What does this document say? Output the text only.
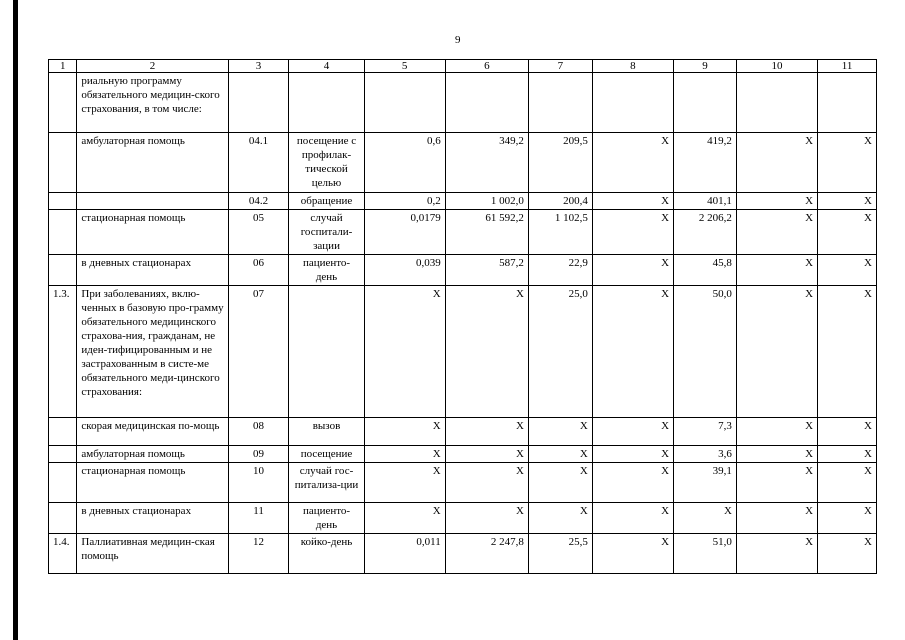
9
1	2	3	4	5	6	7	8	9	10	11
	риальную программу обязательного медицин-ского страхования, в том числе:									
	амбулаторная помощь	04.1	посещение с профилак-тической целью	0,6	349,2	209,5	X	419,2	X	X
		04.2	обращение	0,2	1 002,0	200,4	X	401,1	X	X
	стационарная помощь	05	случай госпитали-зации	0,0179	61 592,2	1 102,5	X	2 206,2	X	X
	в дневных стационарах	06	пациенто-день	0,039	587,2	22,9	X	45,8	X	X
1.3.	При заболеваниях, вклю-ченных в базовую про-грамму обязательного медицинского страхова-ния, гражданам, не иден-тифицированным и не застрахованным в систе-ме обязательного меди-цинского страхования:	07		X	X	25,0	X	50,0	X	X
	скорая медицинская по-мощь	08	вызов	X	X	X	X	7,3	X	X
	амбулаторная помощь	09	посещение	X	X	X	X	3,6	X	X
	стационарная помощь	10	случай гос-питализа-ции	X	X	X	X	39,1	X	X
	в дневных стационарах	11	пациенто-день	X	X	X	X	X	X	X
1.4.	Паллиативная медицин-ская помощь	12	койко-день	0,011	2 247,8	25,5	X	51,0	X	X
